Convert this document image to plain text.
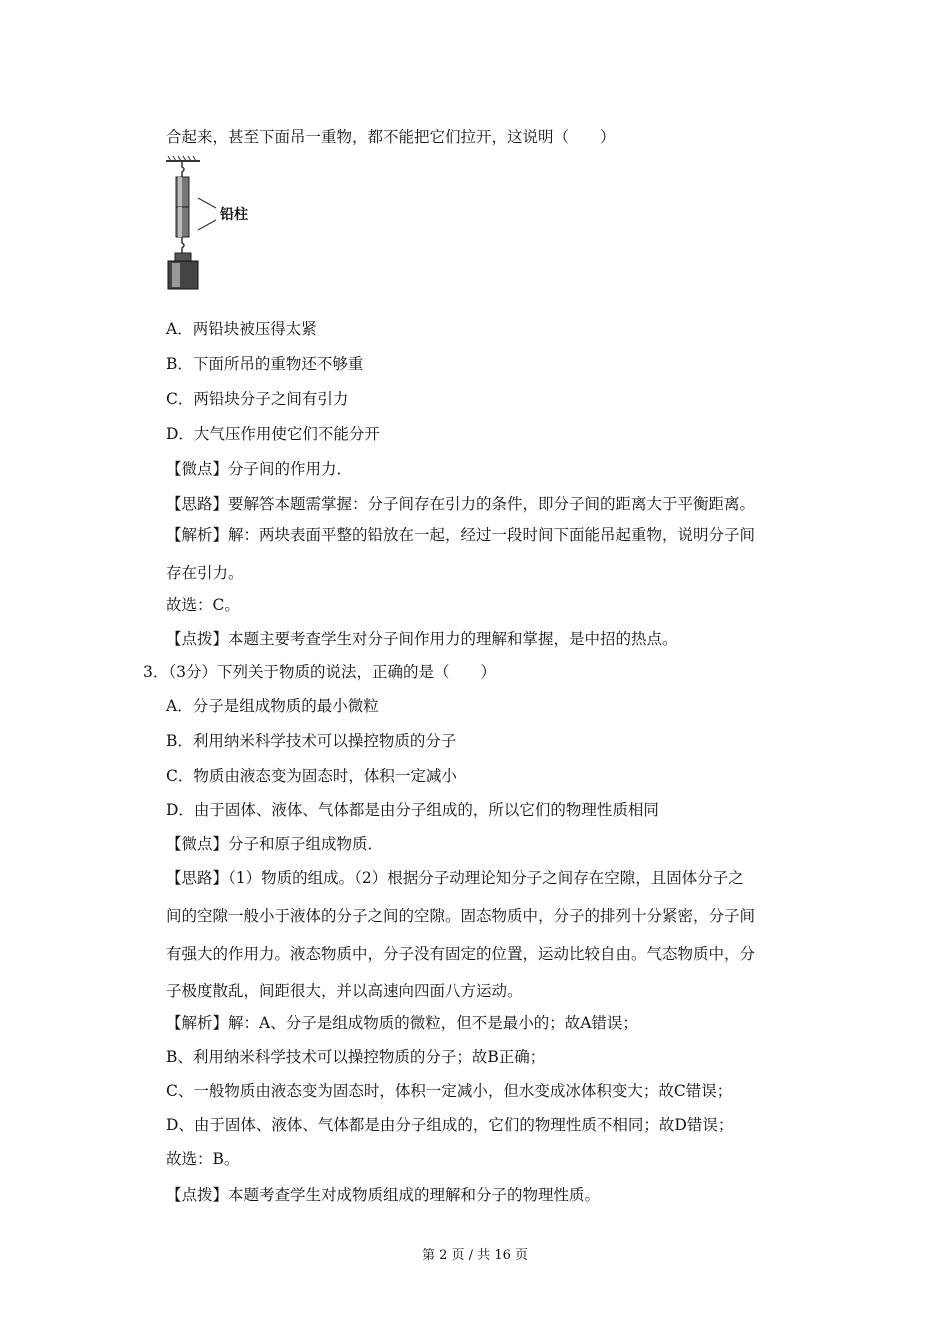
合起来，甚至下面吊一重物，都不能把它们拉开，这说明（　　）
铅柱
A．两铅块被压得太紧
B．下面所吊的重物还不够重
C．两铅块分子之间有引力
D．大气压作用使它们不能分开
【微点】分子间的作用力．
【思路】要解答本题需掌握：分子间存在引力的条件，即分子间的距离大于平衡距离。
【解析】解：两块表面平整的铅放在一起，经过一段时间下面能吊起重物，说明分子间
存在引力。
故选：C。
【点拨】本题主要考查学生对分子间作用力的理解和掌握，是中招的热点。
3．（3分）下列关于物质的说法，正确的是（　　）
A．分子是组成物质的最小微粒
B．利用纳米科学技术可以操控物质的分子
C．物质由液态变为固态时，体积一定减小
D．由于固体、液体、气体都是由分子组成的，所以它们的物理性质相同
【微点】分子和原子组成物质．
【思路】（1）物质的组成。（2）根据分子动理论知分子之间存在空隙，且固体分子之
间的空隙一般小于液体的分子之间的空隙。固态物质中，分子的排列十分紧密，分子间
有强大的作用力。液态物质中，分子没有固定的位置，运动比较自由。气态物质中，分
子极度散乱，间距很大，并以高速向四面八方运动。
【解析】解：A、分子是组成物质的微粒，但不是最小的；故A错误；
B、利用纳米科学技术可以操控物质的分子；故B正确；
C、一般物质由液态变为固态时，体积一定减小，但水变成冰体积变大；故C错误；
D、由于固体、液体、气体都是由分子组成的，它们的物理性质不相同；故D错误；
故选：B。
【点拨】本题考查学生对成物质组成的理解和分子的物理性质。
第 2 页 / 共 16 页
